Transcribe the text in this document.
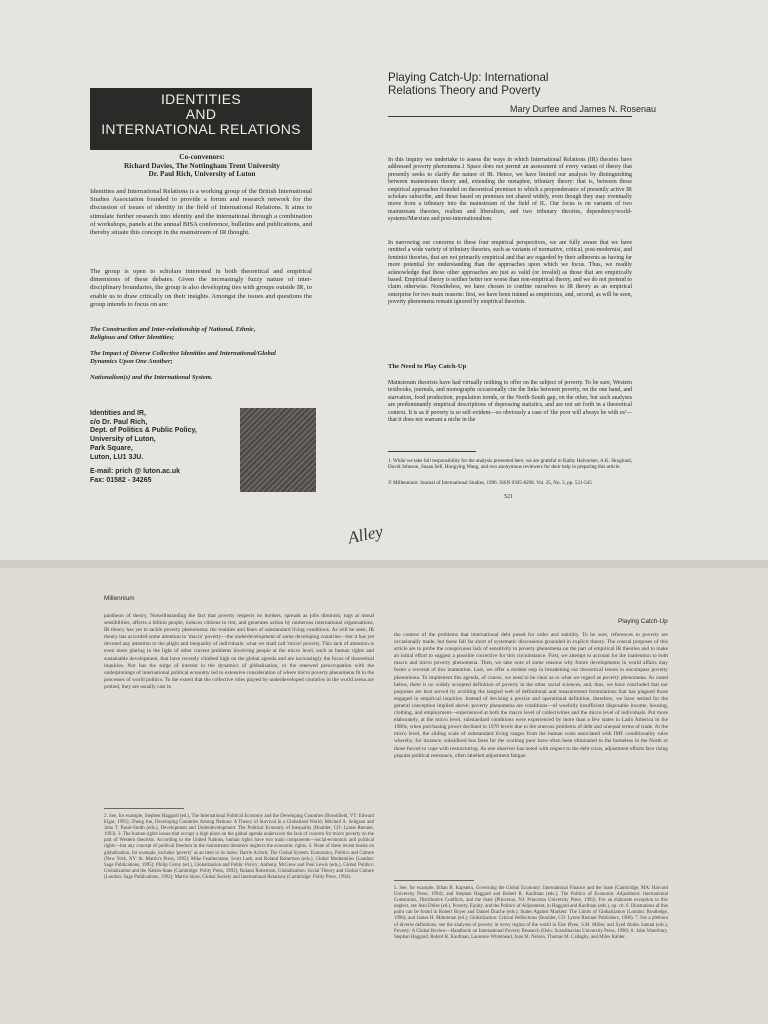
IDENTITIES
AND
INTERNATIONAL RELATIONS
Co-convenors:
Richard Davies, The Nottingham Trent University
Dr. Paul Rich, University of Luton
Identities and International Relations is a working group of the British International Studies Association founded to provide a forum and research network for the discussion of issues of identity in the field of International Relations. It aims to stimulate further research into identity and the international through a combination of workshops, panels at the annual BISA conference, bulletins and publications, and thereby situate this concept in the mainstream of IR thought.
The group is open to scholars interested in both theoretical and empirical dimensions of these debates. Given the increasingly fuzzy nature of inter-disciplinary boundaries, the group is also developing ties with groups outside IR, to enable us to draw critically on their insights. Amongst the issues and questions the group intends to focus on are:
The Construction and Inter-relationship of National, Ethnic, Religious and Other Identities;
The Impact of Diverse Collective Identities and International/Global Dynamics Upon One Another;
Nationalism(s) and the International System.
Identities and IR,
c/o Dr. Paul Rich,
Dept. of Politics & Public Policy,
University of Luton,
Park Square,
Luton, LU1 3JU.
E-mail: prich @ luton.ac.uk
Fax: 01582 - 34265
Playing Catch-Up: International
Relations Theory and Poverty
Mary Durfee and James N. Rosenau
In this inquiry we undertake to assess the ways in which International Relations (IR) theories have addressed poverty phenomena.1 Space does not permit an assessment of every variant of theory that presently seeks to clarify the nature of IR. Hence, we have limited our analysis by distinguishing between mainstream theory and, extending the metaphor, tributary theory: that is, between those empirical approaches founded on theoretical premises to which a preponderance of presently active IR scholars subscribe, and those based on premises not shared widely, even though they may eventually move from a tributary into the mainstream of the field of IL. Our focus is on variants of two mainstream theories, realism and liberalism, and two tributary theories, dependency/world-systems/Marxism and post-internationalism.
In narrowing our concerns to these four empirical perspectives, we are fully aware that we have omitted a wide variety of tributary theories, such as variants of normative, critical, post-modernist, and feminist theories, that are not primarily empirical and that are regarded by their adherents as having far more potential for understanding than the approaches upon which we focus. Thus, we readily acknowledge that these other approaches are just as valid (or invalid) as those that are empirically based. Empirical theory is neither better nor worse than non-empirical theory, and we do not pretend to claim otherwise. Nonetheless, we have chosen to confine ourselves to IR theory as an empirical enterprise for two main reasons: first, we have been trained as empiricists, and, second, as will be seen, poverty phenomena remain ignored by empirical theorists.
The Need to Play Catch-Up
Mainstream theorists have had virtually nothing to offer on the subject of poverty. To be sure, Western textbooks, journals, and monographs occasionally cite the links between poverty, on the one hand, and starvation, food production, population trends, or the North-South gap, on the other, but such analyses are predominantly empirical descriptions of depressing statistics, and are not set forth in a theoretical context. It is as if poverty is so self-evident—so obviously a case of 'the poor will always be with us'—that it does not warrant a niche in the
1. While we take full responsibility for the analysis presented here, we are grateful to Kathy Halvorsen, A.K. Skoglund, David Johnson, Susan Sell, Hongying Wang, and two anonymous reviewers for their help in preparing this article.
© Millennium: Journal of International Studies, 1996. ISSN 0305-8298. Vol. 25, No. 3, pp. 521-545
521
Alley
Millennium
pantheon of theory. Notwithstanding the fact that poverty respects no borders, spreads as jobs diminish, tugs at moral sensibilities, affects a billion people, induces citizens to riot, and generates action by numerous international organisations, IR theory has yet to tackle poverty phenomena: the realities and fears of substandard living conditions. As will be seen, IR theory has accorded some attention to 'macro' poverty—the underdevelopment of some developing countries—but it has yet devoted any attention to the plight and inequality of individuals: what we shall call 'micro' poverty. This lack of attention is even more glaring in the light of other current problems involving people at the micro level, such as human rights and sustainable development, that have recently climbed high on the global agenda and are increasingly the focus of theoretical inquiries. Nor has the surge of interest in the dynamics of globalisation, or the renewed preoccupation with the underpinnings of international political economy led to extensive consideration of where micro poverty phenomena fit in the processes of world politics. To the extent that the collective roles played by underdeveloped countries in the world arena are probed, they are usually cast in
2. See, for example, Stephen Haggard (ed.), The International Political Economy and the Developing Countries (Brookfield, VT: Edward Elgar, 1995); Zheng Jun, Developing Countries Among Nations: A Theory of Survival in a Globalized World; Mitchell A. Seligson and John T. Passé-Smith (eds.), Development and Underdevelopment: The Political Economy of Inequality (Boulder, CO: Lynne Rienner, 1993). 3. The human rights issues that occupy a high place on the global agenda underscore the lack of concern for micro poverty on the part of Western theorists. According to the United Nations, human rights have two main components—social-economic and political rights—but any concept of political freedom in the mainstream literature neglects the economic rights. 4. None of these recent books on globalisation, for example, includes 'poverty' as an item in its index: Barrie Axford, The Global System: Economics, Politics and Culture (New York, NY: St. Martin's Press, 1995); Mike Featherstone, Scott Lash, and Roland Robertson (eds.), Global Modernities (London: Sage Publications, 1995); Philip Cerny (ed.), Globalization and Public Policy; Anthony McGrew and Paul Lewis (eds.), Global Politics: Globalization and the Nation-State (Cambridge: Polity Press, 1992); Roland Robertson, Globalization: Social Theory and Global Culture (London: Sage Publications, 1992); Martin Shaw, Global Society and International Relations (Cambridge: Polity Press, 1994).
Playing Catch-Up
the context of the problems that international debt posed for order and stability. To be sure, references to poverty are occasionally made, but these fall far short of systematic discussions grounded in explicit theory. The central purposes of this article are to probe the conspicuous lack of sensitivity to poverty phenomena on the part of empirical IR theories and to make an initial effort to suggest a possible corrective for this circumstance. First, we attempt to account for the inattention to both macro and micro poverty phenomena. Then, we take note of some reasons why future developments in world affairs may foster a reversal of this inattention. Last, we offer a modest step in broadening our theoretical lenses to encompass poverty phenomena. To implement this agenda, of course, we need to be clear as to what we regard as poverty phenomena. As noted below, there is no widely accepted definition of poverty in the other social sciences, and, thus, we have concluded that our purposes are best served by avoiding the tangled web of definitional and measurement formulations that has plagued those engaged in empirical inquiries. Instead of devising a precise and operational definition, therefore, we have settled for the general conception implied above: poverty phenomena are conditions—of woefully insufficient disposable income, housing, clothing, and employment—experienced at both the macro level of collectivities and the micro level of individuals. Put more elaborately, at the micro level, substandard conditions were experienced by more than a few states in Latin America in the 1980s, when purchasing power declined to 1970 levels due to the onerous problems of debt and unequal terms of trade. At the micro level, the sliding scale of substandard living ranges from the human costs associated with IMF conditionality rules whereby, for instance, subsidised bus fares for the working poor have often been eliminated to the homeless in the North or those forced to cope with restructuring. As one observer has noted with respect to the debt crisis, adjustment efforts face rising popular political resistance, often labelled adjustment fatigue.
5. See, for example, Ethan B. Kapstein, Governing the Global Economy: International Finance and the State (Cambridge, MA: Harvard University Press, 1994); and Stephan Haggard and Robert R. Kaufman (eds.), The Politics of Economic Adjustment: International Constraints, Distributive Conflicts, and the State (Princeton, NJ: Princeton University Press, 1992). For an elaborate exception to this neglect, see Jean Drèze (ed.), Poverty, Equity, and the Politics of Adjustment, in Haggard and Kaufman (eds.), op. cit. 6. Illustrations of this point can be found in Robert Boyer and Daniel Drache (eds.), States Against Markets: The Limits of Globalization (London: Routledge, 1996); and James H. Mittelman (ed.), Globalization: Critical Reflections (Boulder, CO: Lynne Rienner Publishers, 1996). 7. For a plethora of diverse definitions, see the analyses of poverty in every region of the world in Else Øyen, S.M. Miller, and Syed Abdus Samad (eds.), Poverty: A Global Review—Handbook on International Poverty Research (Oslo: Scandinavian University Press, 1996). 8. John Waterbury, Stephan Haggard, Robert R. Kaufman, Laurence Whitehead, Joan M. Nelson, Thomas M. Callaghy, and Miles Kahler.
